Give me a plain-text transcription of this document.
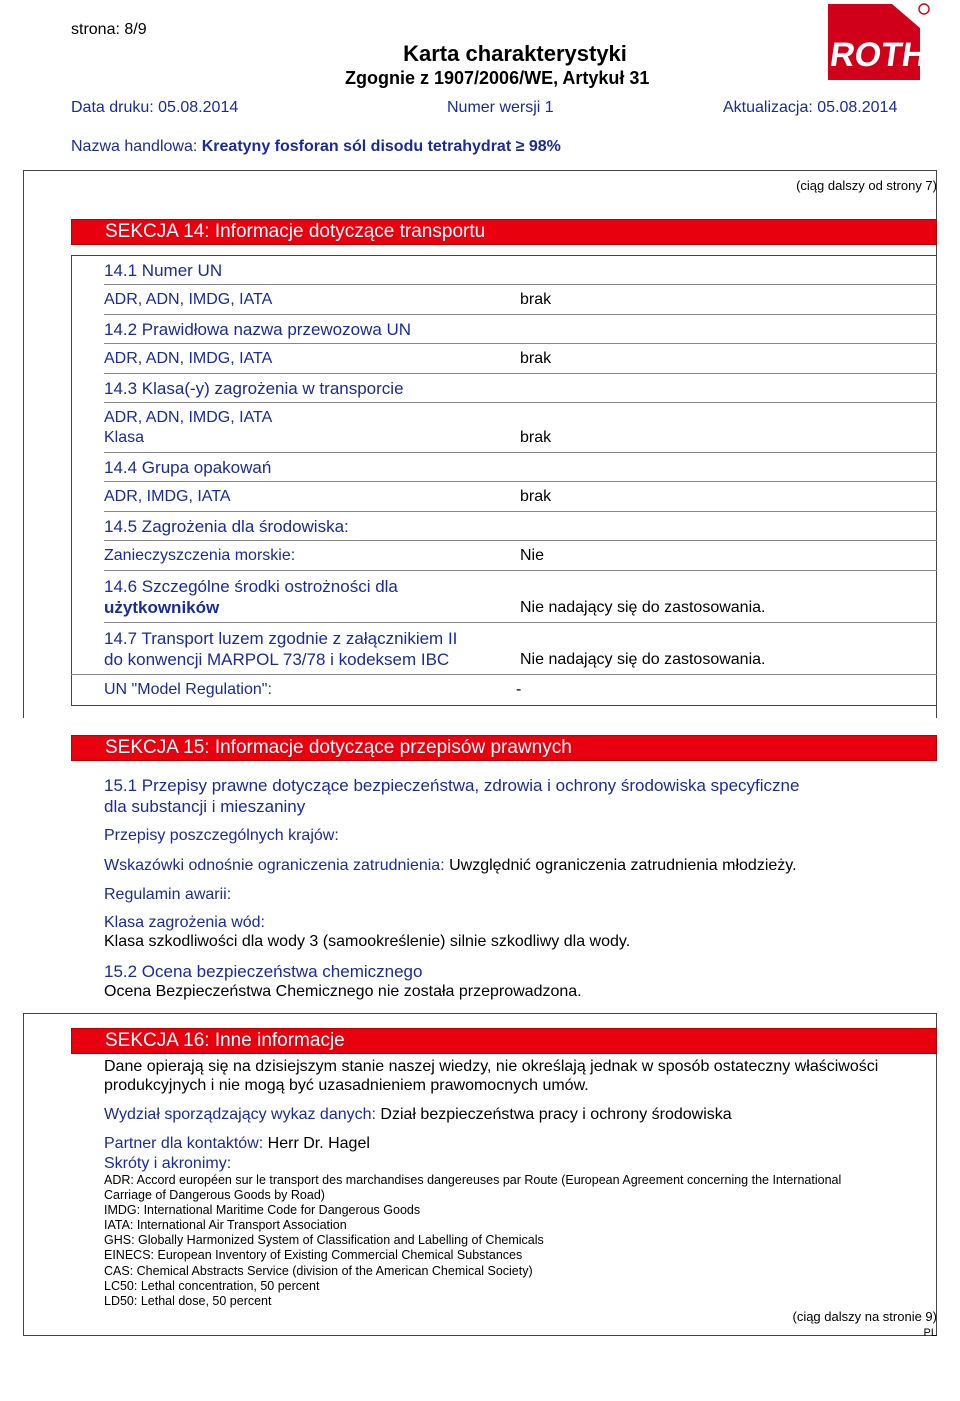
strona: 8/9
Karta charakterystyki
Zgognie z 1907/2006/WE, Artykuł 31
ROTH
Data druku: 05.08.2014	Numer wersji 1	Aktualizacja: 05.08.2014
Nazwa handlowa: Kreatyny fosforan sól disodu tetrahydrat ≥ 98%
(ciąg dalszy od strony 7)
SEKCJA 14: Informacje dotyczące transportu
14.1 Numer UN
ADR, ADN, IMDG, IATA	brak
14.2 Prawidłowa nazwa przewozowa UN
ADR, ADN, IMDG, IATA	brak
14.3 Klasa(-y) zagrożenia w transporcie
ADR, ADN, IMDG, IATA
Klasa	brak
14.4 Grupa opakowań
ADR, IMDG, IATA	brak
14.5 Zagrożenia dla środowiska:
Zanieczyszczenia morskie:	Nie
14.6 Szczególne środki ostrożności dla
użytkowników	Nie nadający się do zastosowania.
14.7 Transport luzem zgodnie z załącznikiem II
do konwencji MARPOL 73/78 i kodeksem IBC	Nie nadający się do zastosowania.
UN "Model Regulation":	-
SEKCJA 15: Informacje dotyczące przepisów prawnych
15.1 Przepisy prawne dotyczące bezpieczeństwa, zdrowia i ochrony środowiska specyficzne
dla substancji i mieszaniny
Przepisy poszczególnych krajów:
Wskazówki odnośnie ograniczenia zatrudnienia: Uwzględnić ograniczenia zatrudnienia młodzieży.
Regulamin awarii:
Klasa zagrożenia wód:
Klasa szkodliwości dla wody 3 (samookreślenie) silnie szkodliwy dla wody.
15.2 Ocena bezpieczeństwa chemicznego
Ocena Bezpieczeństwa Chemicznego nie została przeprowadzona.
SEKCJA 16: Inne informacje
Dane opierają się na dzisiejszym stanie naszej wiedzy, nie określają jednak w sposób ostateczny właściwości
produkcyjnych i nie mogą być uzasadnieniem prawomocnych umów.
Wydział sporządzający wykaz danych: Dział bezpieczeństwa pracy i ochrony środowiska
Partner dla kontaktów: Herr Dr. Hagel
Skróty i akronimy:
ADR: Accord européen sur le transport des marchandises dangereuses par Route (European Agreement concerning the International
Carriage of Dangerous Goods by Road)
IMDG: International Maritime Code for Dangerous Goods
IATA: International Air Transport Association
GHS: Globally Harmonized System of Classification and Labelling of Chemicals
EINECS: European Inventory of Existing Commercial Chemical Substances
CAS: Chemical Abstracts Service (division of the American Chemical Society)
LC50: Lethal concentration, 50 percent
LD50: Lethal dose, 50 percent
(ciąg dalszy na stronie 9)
PL
